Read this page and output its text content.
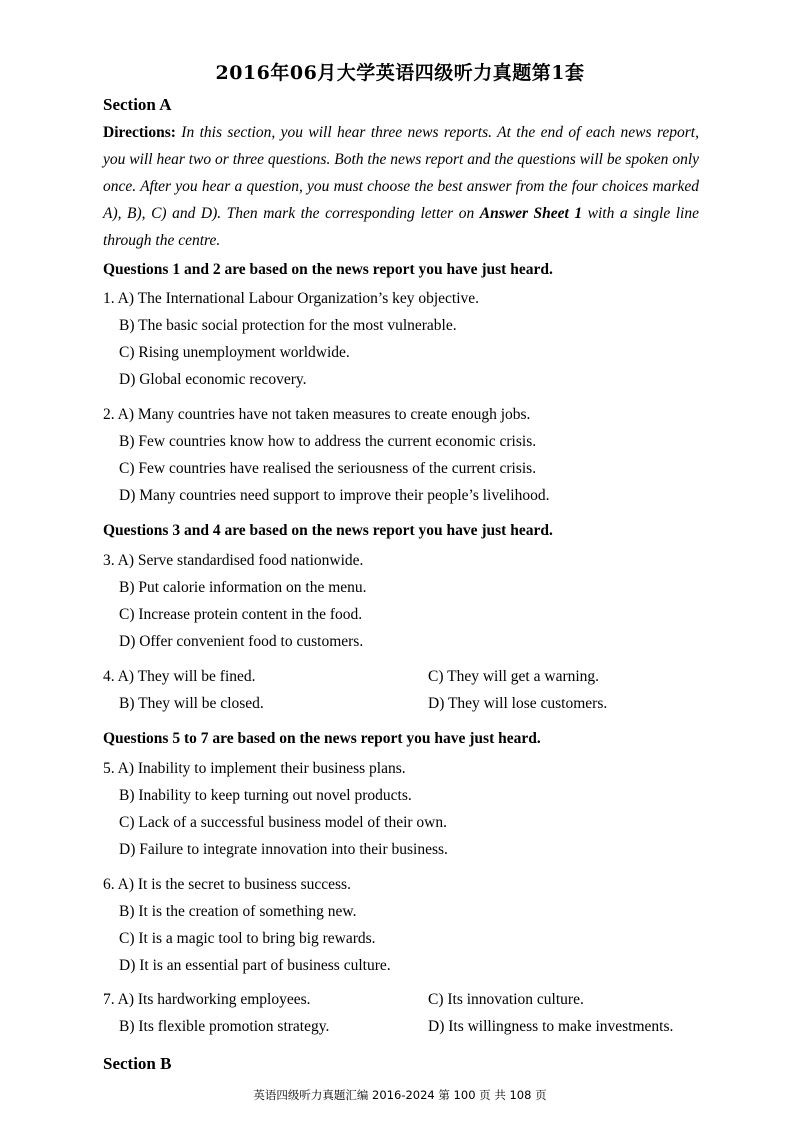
2016年06月大学英语四级听力真题第1套
Section A
Directions: In this section, you will hear three news reports. At the end of each news report, you will hear two or three questions. Both the news report and the questions will be spoken only once. After you hear a question, you must choose the best answer from the four choices marked A), B), C) and D). Then mark the corresponding letter on Answer Sheet 1 with a single line through the centre.
Questions 1 and 2 are based on the news report you have just heard.
1. A) The International Labour Organization’s key objective.
B) The basic social protection for the most vulnerable.
C) Rising unemployment worldwide.
D) Global economic recovery.
2. A) Many countries have not taken measures to create enough jobs.
B) Few countries know how to address the current economic crisis.
C) Few countries have realised the seriousness of the current crisis.
D) Many countries need support to improve their people’s livelihood.
Questions 3 and 4 are based on the news report you have just heard.
3. A) Serve standardised food nationwide.
B) Put calorie information on the menu.
C) Increase protein content in the food.
D) Offer convenient food to customers.
4. A) They will be fined.	C) They will get a warning.
B) They will be closed.	D) They will lose customers.
Questions 5 to 7 are based on the news report you have just heard.
5. A) Inability to implement their business plans.
B) Inability to keep turning out novel products.
C) Lack of a successful business model of their own.
D) Failure to integrate innovation into their business.
6. A) It is the secret to business success.
B) It is the creation of something new.
C) It is a magic tool to bring big rewards.
D) It is an essential part of business culture.
7. A) Its hardworking employees.	C) Its innovation culture.
B) Its flexible promotion strategy.	D) Its willingness to make investments.
Section B
英语四级听力真题汇编 2016-2024 第 100 页 共 108 页
